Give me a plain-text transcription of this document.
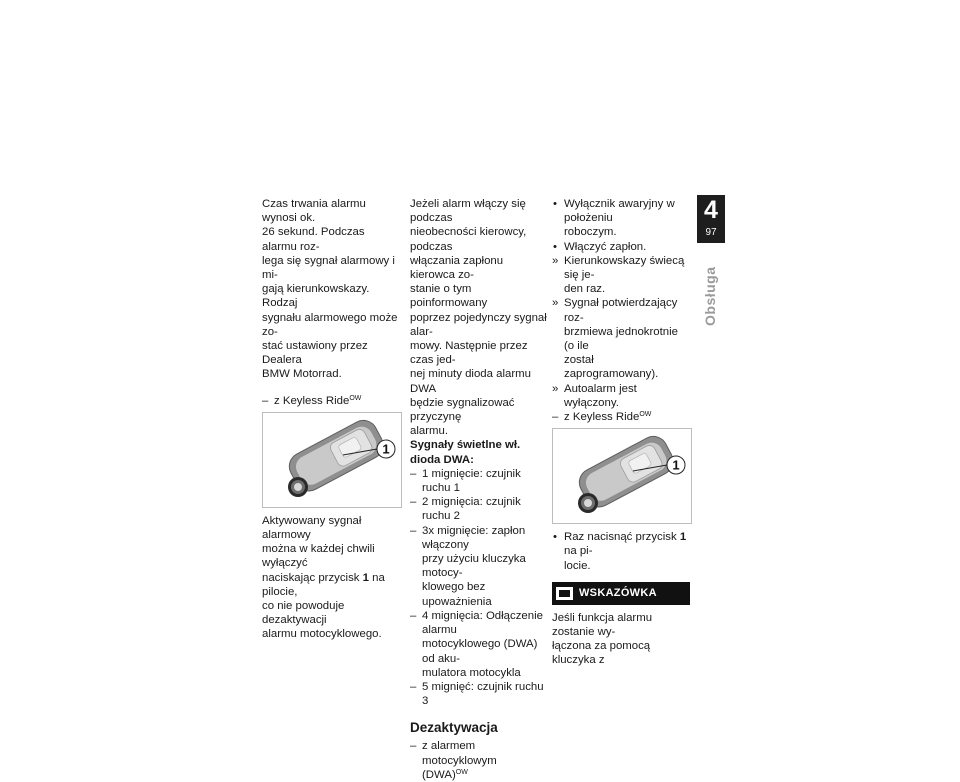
Czas trwania alarmu wynosi ok.
26 sekund. Podczas alarmu roz-
lega się sygnał alarmowy i mi-
gają kierunkowskazy. Rodzaj
sygnału alarmowego może zo-
stać ustawiony przez Dealera
BMW Motorrad.

– z Keyless Ride$^{OW}$

1

Aktywowany sygnał alarmowy
można w każdej chwili wyłączyć
naciskając przycisk 1 na pilocie,
co nie powoduje dezaktywacji
alarmu motocyklowego.

Jeżeli alarm włączy się podczas
nieobecności kierowcy, podczas
włączania zapłonu kierowca zo-
stanie o tym poinformowany
poprzez pojedynczy sygnał alar-
mowy. Następnie przez czas jed-
nej minuty dioda alarmu DWA
będzie sygnalizować przyczynę
alarmu.

Sygnały świetlne wł. dioda DWA:

– 1 mignięcie: czujnik ruchu 1

– 2 mignięcia: czujnik ruchu 2

– 3x mignięcie: zapłon włączony
przy użyciu kluczyka motocy-
klowego bez upoważnienia

– 4 mignięcia: Odłączenie alarmu
motocyklowego (DWA) od aku-
mulatora motocykla

– 5 mignięć: czujnik ruchu 3

Dezaktywacja

– z alarmem motocyklowym
(DWA)$^{OW}$

• Wyłącznik awaryjny w położeniu
roboczym.

• Włączyć zapłon.

» Kierunkowskazy świecą się je-
den raz.

» Sygnał potwierdzający roz-
brzmiewa jednokrotnie (o ile
został zaprogramowany).

» Autoalarm jest wyłączony.

– z Keyless Ride$^{OW}$

1

• Raz nacisnąć przycisk 1 na pi-
locie.

WSKAZÓWKA

Jeśli funkcja alarmu zostanie wy-
łączona za pomocą kluczyka z

4
97
Obsługa
